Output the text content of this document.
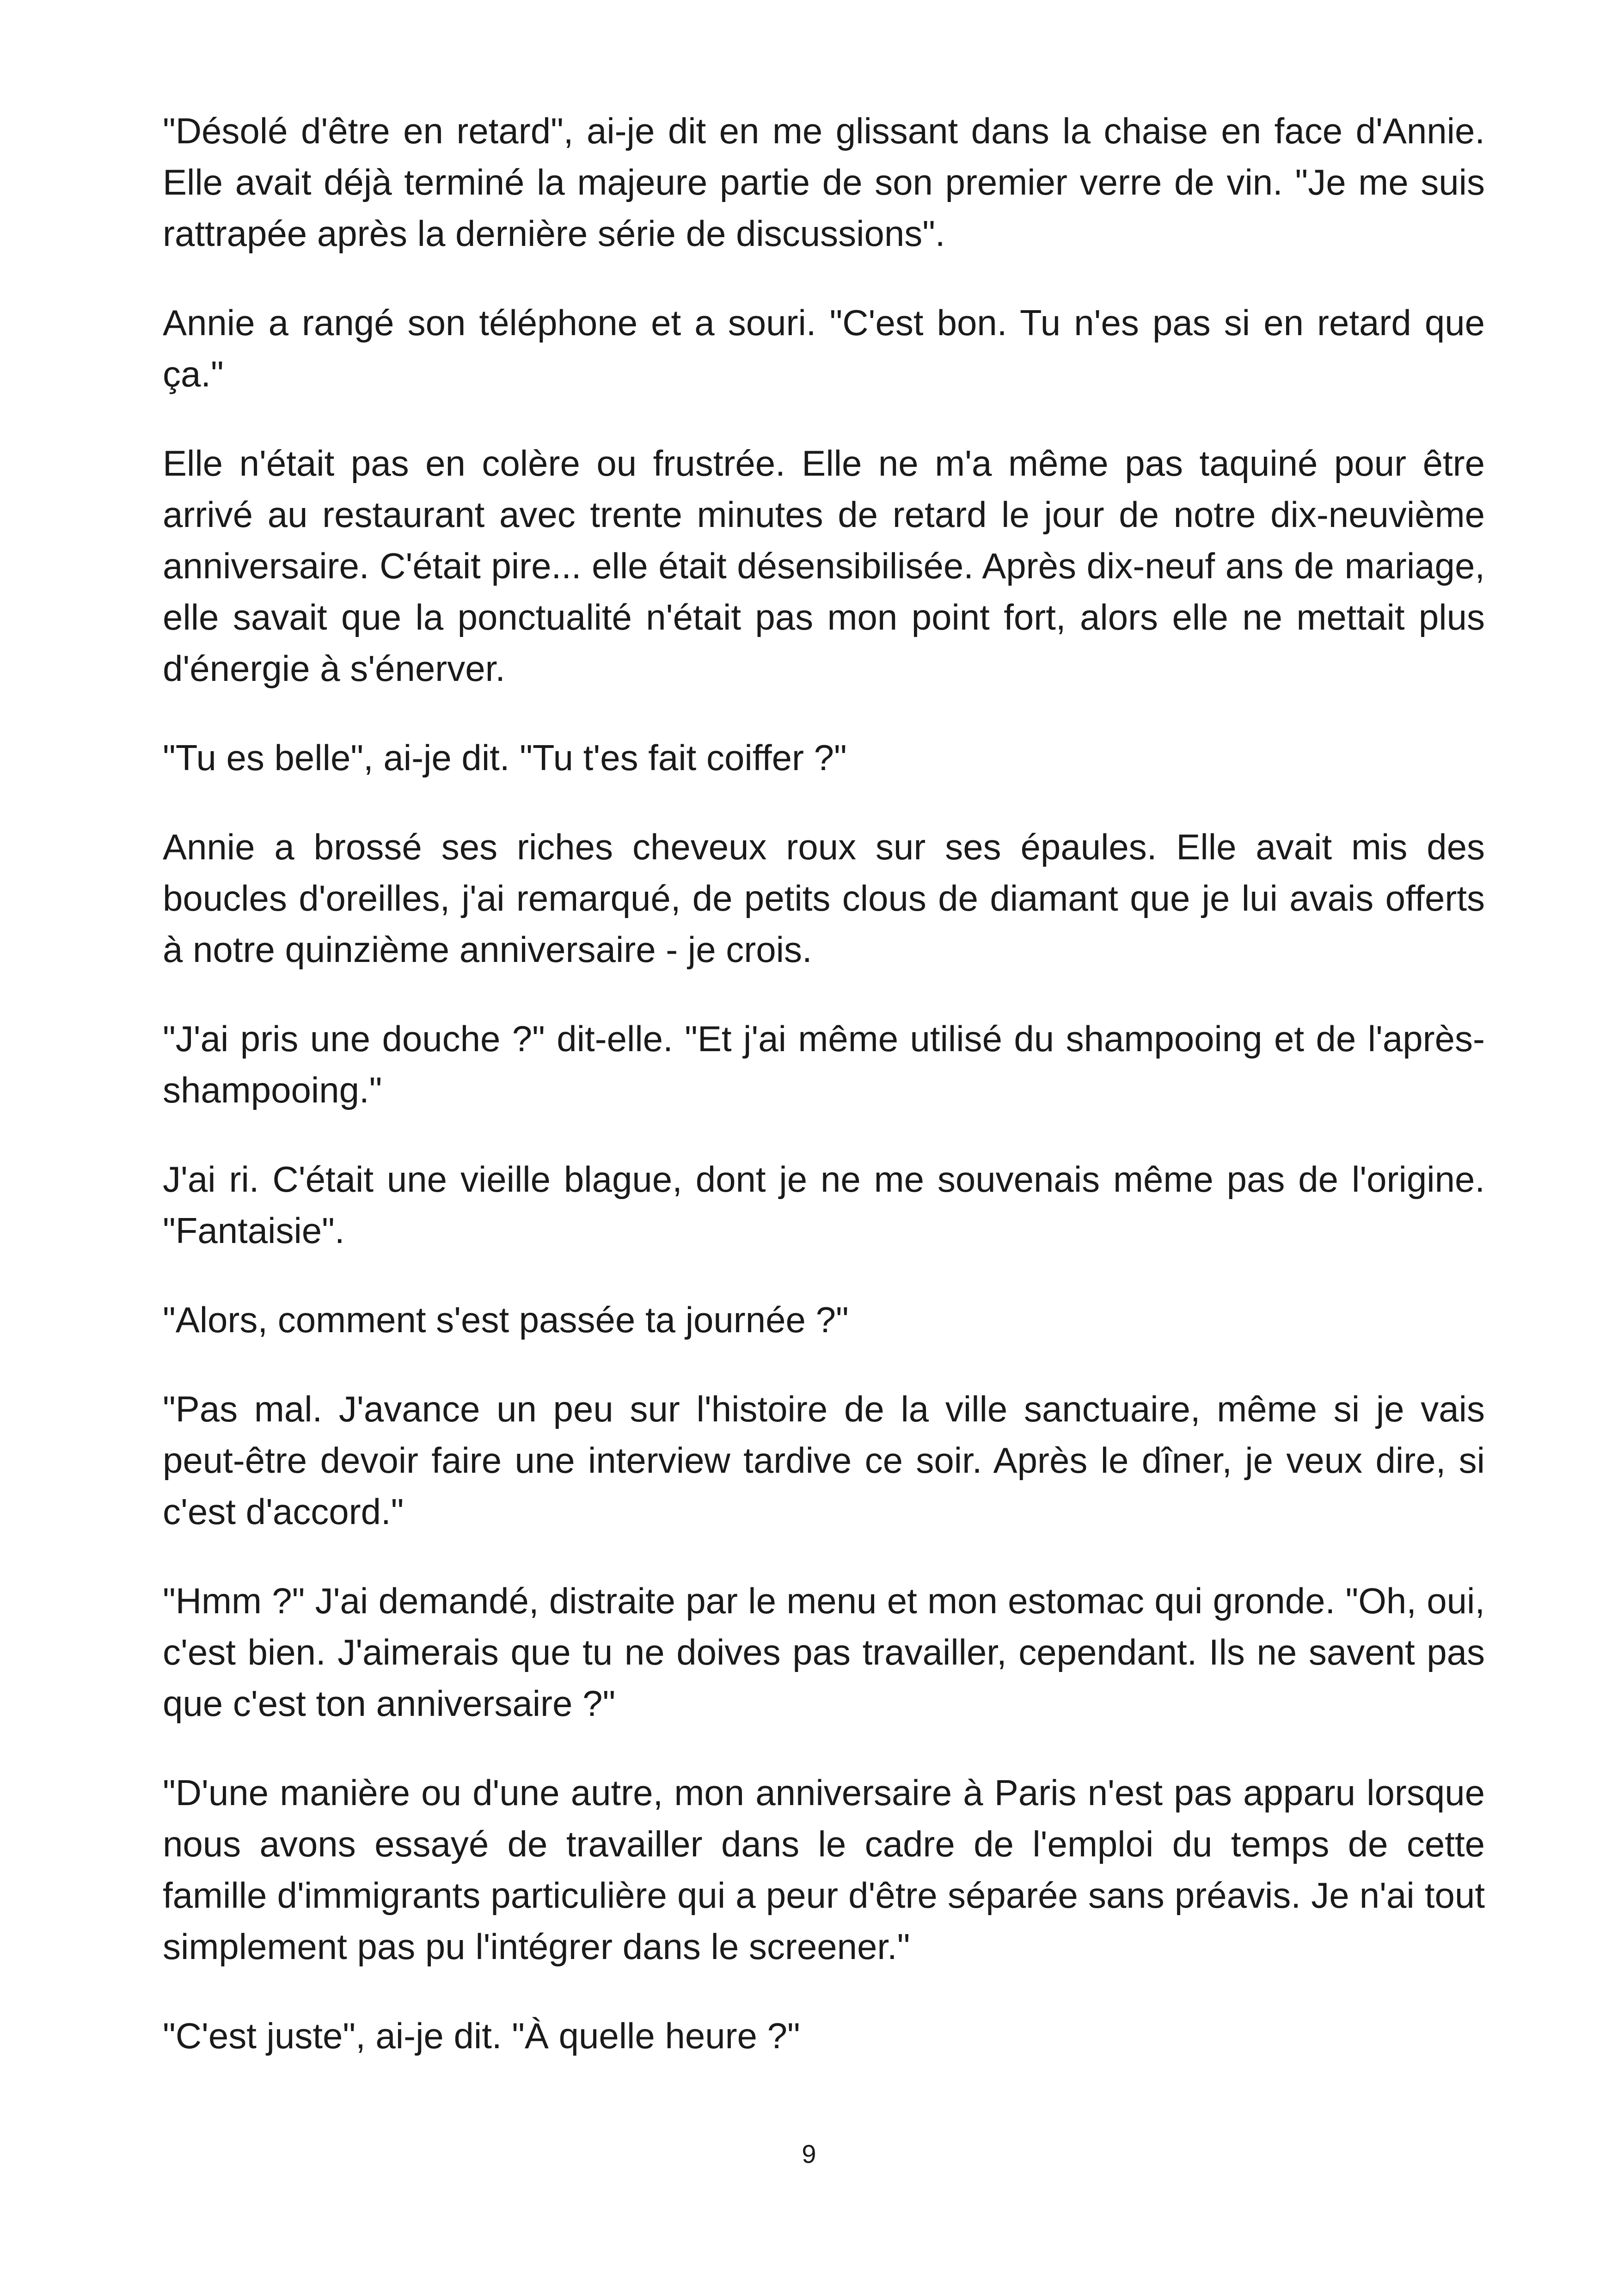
"Désolé d'être en retard", ai-je dit en me glissant dans la chaise en face d'Annie. Elle avait déjà terminé la majeure partie de son premier verre de vin. "Je me suis rattrapée après la dernière série de discussions".

Annie a rangé son téléphone et a souri. "C'est bon. Tu n'es pas si en retard que ça."

Elle n'était pas en colère ou frustrée. Elle ne m'a même pas taquiné pour être arrivé au restaurant avec trente minutes de retard le jour de notre dix-neuvième anniversaire. C'était pire... elle était désensibilisée. Après dix-neuf ans de mariage, elle savait que la ponctualité n'était pas mon point fort, alors elle ne mettait plus d'énergie à s'énerver.

"Tu es belle", ai-je dit. "Tu t'es fait coiffer ?"

Annie a brossé ses riches cheveux roux sur ses épaules. Elle avait mis des boucles d'oreilles, j'ai remarqué, de petits clous de diamant que je lui avais offerts à notre quinzième anniversaire - je crois.

"J'ai pris une douche ?" dit-elle. "Et j'ai même utilisé du shampooing et de l'après-shampooing."

J'ai ri. C'était une vieille blague, dont je ne me souvenais même pas de l'origine. "Fantaisie".

"Alors, comment s'est passée ta journée ?"

"Pas mal. J'avance un peu sur l'histoire de la ville sanctuaire, même si je vais peut-être devoir faire une interview tardive ce soir. Après le dîner, je veux dire, si c'est d'accord."

"Hmm ?" J'ai demandé, distraite par le menu et mon estomac qui gronde. "Oh, oui, c'est bien. J'aimerais que tu ne doives pas travailler, cependant. Ils ne savent pas que c'est ton anniversaire ?"

"D'une manière ou d'une autre, mon anniversaire à Paris n'est pas apparu lorsque nous avons essayé de travailler dans le cadre de l'emploi du temps de cette famille d'immigrants particulière qui a peur d'être séparée sans préavis. Je n'ai tout simplement pas pu l'intégrer dans le screener."

"C'est juste", ai-je dit. "À quelle heure ?"

9
